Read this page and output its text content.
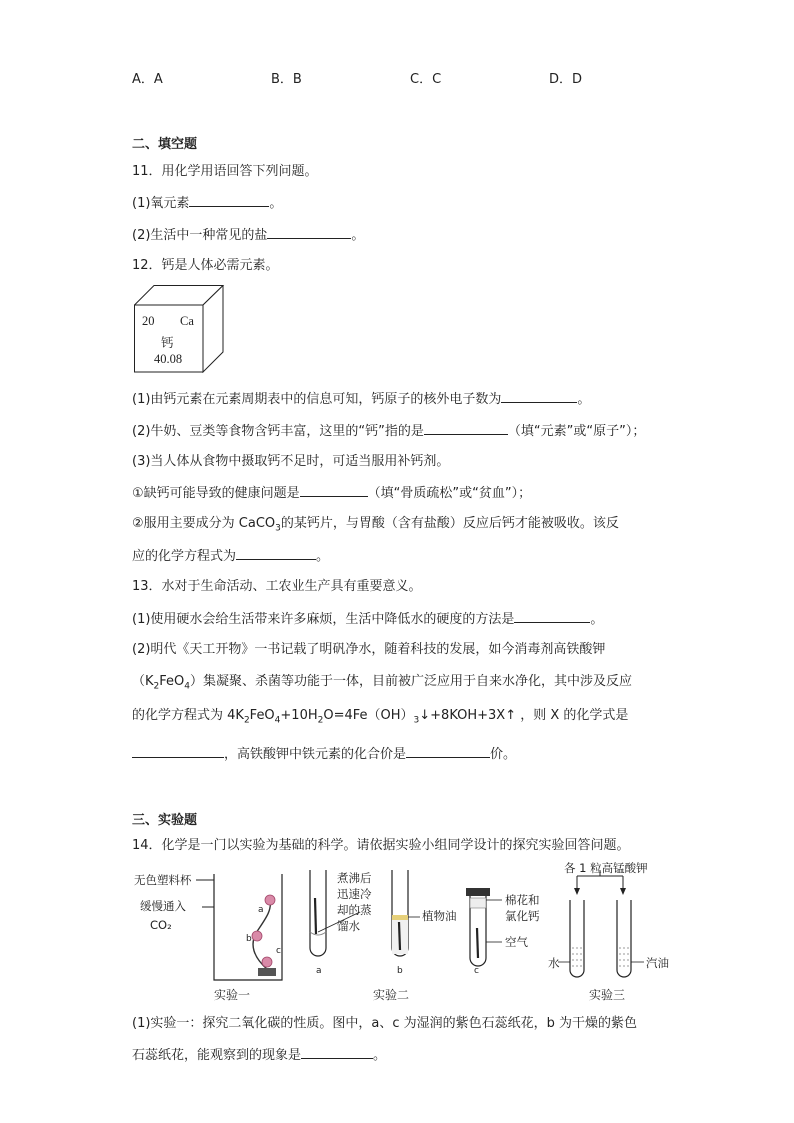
A．A	B．B	C．C	D．D
二、填空题
11．用化学用语回答下列问题。
(1)氧元素	。
(2)生活中一种常见的盐	。
12．钙是人体必需元素。
20 Ca
钙
40.08
(1)由钙元素在元素周期表中的信息可知，钙原子的核外电子数为	。
(2)牛奶、豆类等食物含钙丰富，这里的“钙”指的是	（填“元素”或“原子”）；
(3)当人体从食物中摄取钙不足时，可适当服用补钙剂。
①缺钙可能导致的健康问题是	（填“骨质疏松”或“贫血”）；
②服用主要成分为 CaCO$_3$的某钙片，与胃酸（含有盐酸）反应后钙才能被吸收。该反
应的化学方程式为	。
13．水对于生命活动、工农业生产具有重要意义。
(1)使用硬水会给生活带来许多麻烦，生活中降低水的硬度的方法是	。
(2)明代《天工开物》一书记载了明矾净水，随着科技的发展，如今消毒剂高铁酸钾
$(K_2FeO_4)$集凝聚、杀菌等功能于一体，目前被广泛应用于自来水净化，其中涉及反应
的化学方程式为 $4K_2FeO_4+10H_2O=4Fe(OH)_3↓+8KOH+3X↑$ ，则 X 的化学式是
，高铁酸钾中铁元素的化合价是	价。
三、实验题
14．化学是一门以实验为基础的科学。请依据实验小组同学设计的探究实验回答问题。
无色塑料杯
缓慢通入
CO₂
a
b
c
实验一
煮沸后
迅速冷
却的蒸
馏水
植物油
棉花和
氯化钙
空气
a	b	c
实验二
各 1 粒高锰酸钾
水	汽油
实验三
(1)实验一：探究二氧化碳的性质。图中，a、c 为湿润的紫色石蕊纸花，b 为干燥的紫色
石蕊纸花，能观察到的现象是	。
